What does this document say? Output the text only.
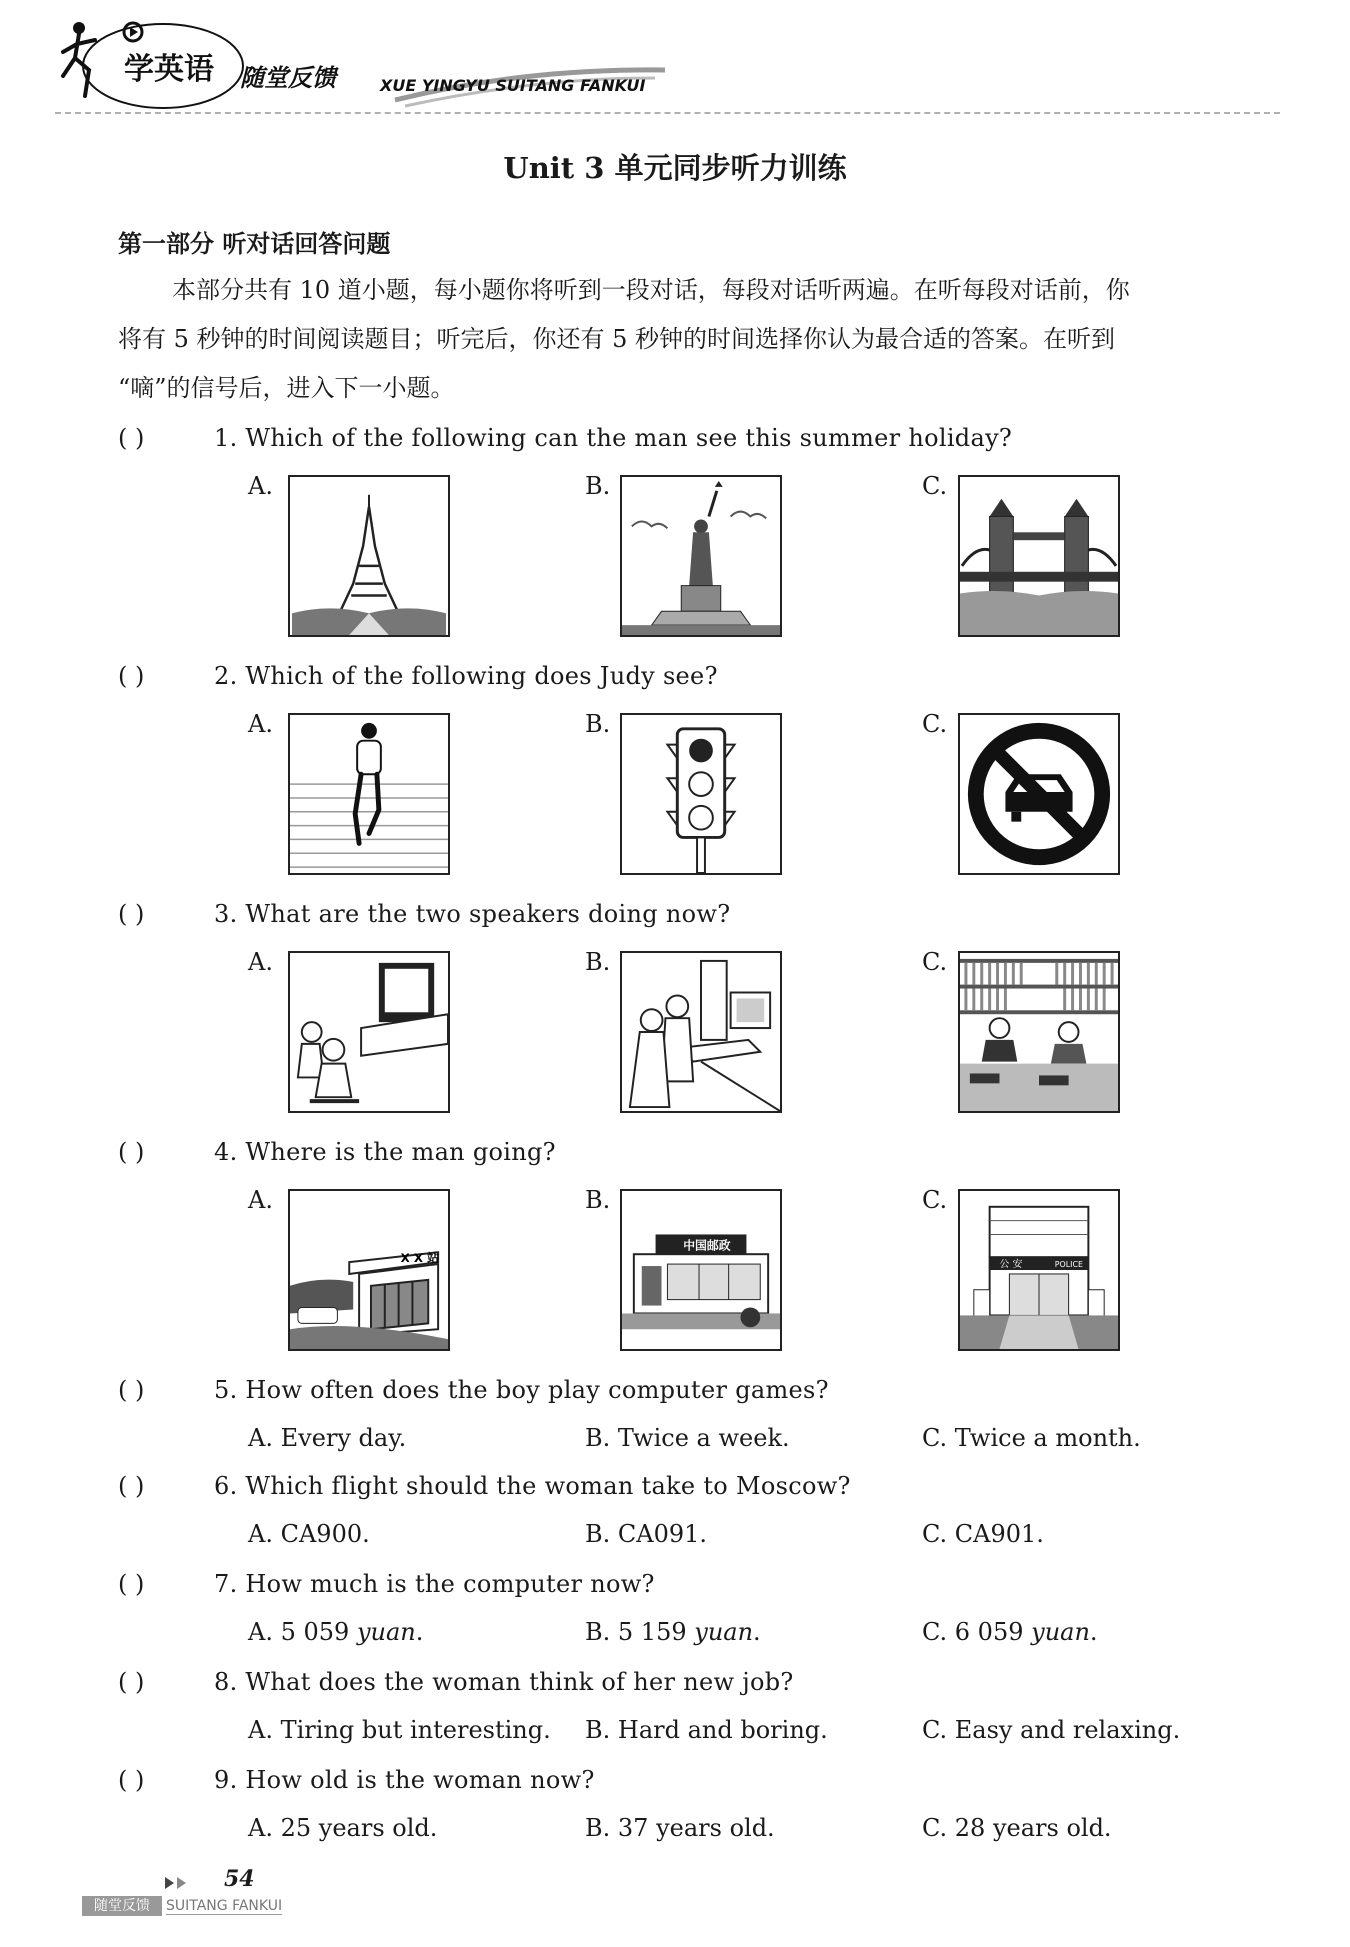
学英语 随堂反馈	XUE YINGYU SUITANG FANKUI
Unit 3 单元同步听力训练
第一部分 听对话回答问题
本部分共有 10 道小题，每小题你将听到一段对话，每段对话听两遍。在听每段对话前，你
将有 5 秒钟的时间阅读题目；听完后，你还有 5 秒钟的时间选择你认为最合适的答案。在听到
“嘀”的信号后，进入下一小题。
( )	1. Which of the following can the man see this summer holiday?
A.	B.	C.
( )	2. Which of the following does Judy see?
A.	B.	C.
( )	3. What are the two speakers doing now?
A.	B.	C.
( )	4. Where is the man going?
A.	B.	C.
X X 站
中国邮政
公 安	POLICE
( )	5. How often does the boy play computer games?
A. Every day.	B. Twice a week.	C. Twice a month.
( )	6. Which flight should the woman take to Moscow?
A. CA900.	B. CA091.	C. CA901.
( )	7. How much is the computer now?
A. 5 059 yuan.	B. 5 159 yuan.	C. 6 059 yuan.
( )	8. What does the woman think of her new job?
A. Tiring but interesting. B. Hard and boring.	C. Easy and relaxing.
( )	9. How old is the woman now?
A. 25 years old.	B. 37 years old.	C. 28 years old.
54
随堂反馈	SUITANG FANKUI
